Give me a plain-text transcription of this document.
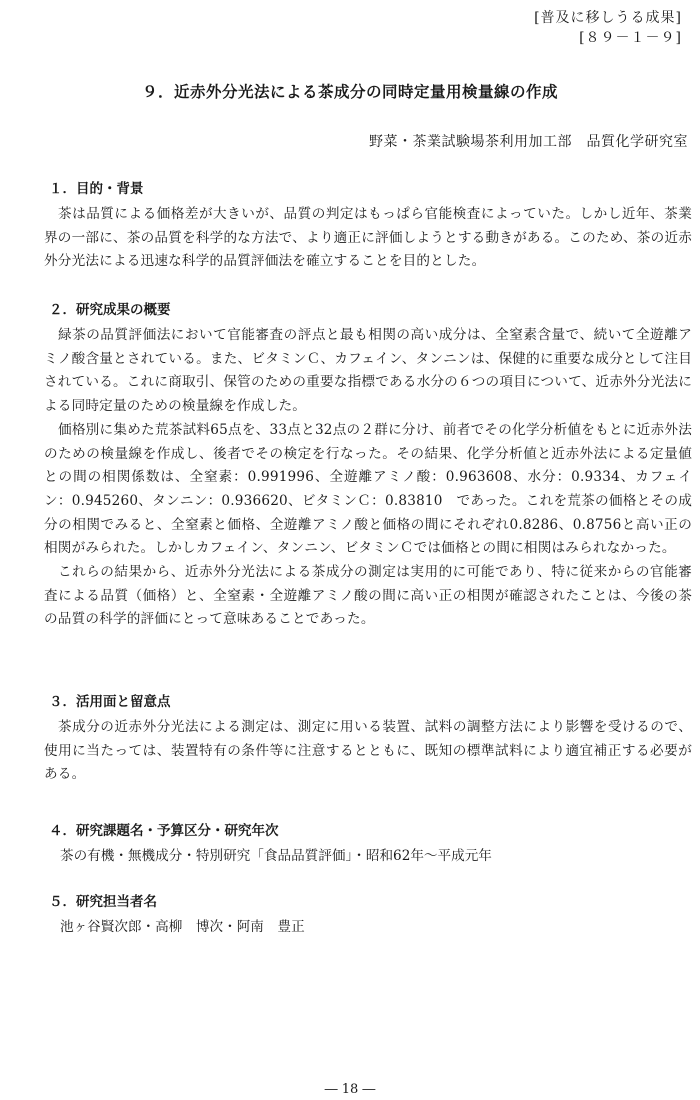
[普及に移しうる成果]
[８９－１－９]
９．近赤外分光法による茶成分の同時定量用検量線の作成
野菜・茶業試験場茶利用加工部　品質化学研究室
１．目的・背景

茶は品質による価格差が大きいが、品質の判定はもっぱら官能検査によっていた。しかし近年、茶業界の一部に、茶の品質を科学的な方法で、より適正に評価しようとする動きがある。このため、茶の近赤外分光法による迅速な科学的品質評価法を確立することを目的とした。

２．研究成果の概要

緑茶の品質評価法において官能審査の評点と最も相関の高い成分は、全窒素含量で、続いて全遊離アミノ酸含量とされている。また、ビタミンＣ、カフェイン、タンニンは、保健的に重要な成分として注目されている。これに商取引、保管のための重要な指標である水分の６つの項目について、近赤外分光法による同時定量のための検量線を作成した。

価格別に集めた荒茶試料65点を、33点と32点の２群に分け、前者でその化学分析値をもとに近赤外法のための検量線を作成し、後者でその検定を行なった。その結果、化学分析値と近赤外法による定量値との間の相関係数は、全窒素：0.991996、全遊離アミノ酸：0.963608、水分：0.9334、カフェイン：0.945260、タンニン：0.936620、ビタミンＣ：0.83810　であった。これを荒茶の価格とその成分の相関でみると、全窒素と価格、全遊離アミノ酸と価格の間にそれぞれ0.8286、0.8756と高い正の相関がみられた。しかしカフェイン、タンニン、ビタミンＣでは価格との間に相関はみられなかった。

これらの結果から、近赤外分光法による茶成分の測定は実用的に可能であり、特に従来からの官能審査による品質（価格）と、全窒素・全遊離アミノ酸の間に高い正の相関が確認されたことは、今後の茶の品質の科学的評価にとって意味あることであった。

３．活用面と留意点

茶成分の近赤外分光法による測定は、測定に用いる装置、試料の調整方法により影響を受けるので、使用に当たっては、装置特有の条件等に注意するとともに、既知の標準試料により適宜補正する必要がある。

４．研究課題名・予算区分・研究年次

茶の有機・無機成分・特別研究「食品品質評価」・昭和62年～平成元年

５．研究担当者名

池ヶ谷賢次郎・高柳　博次・阿南　豊正

― 18 ―
